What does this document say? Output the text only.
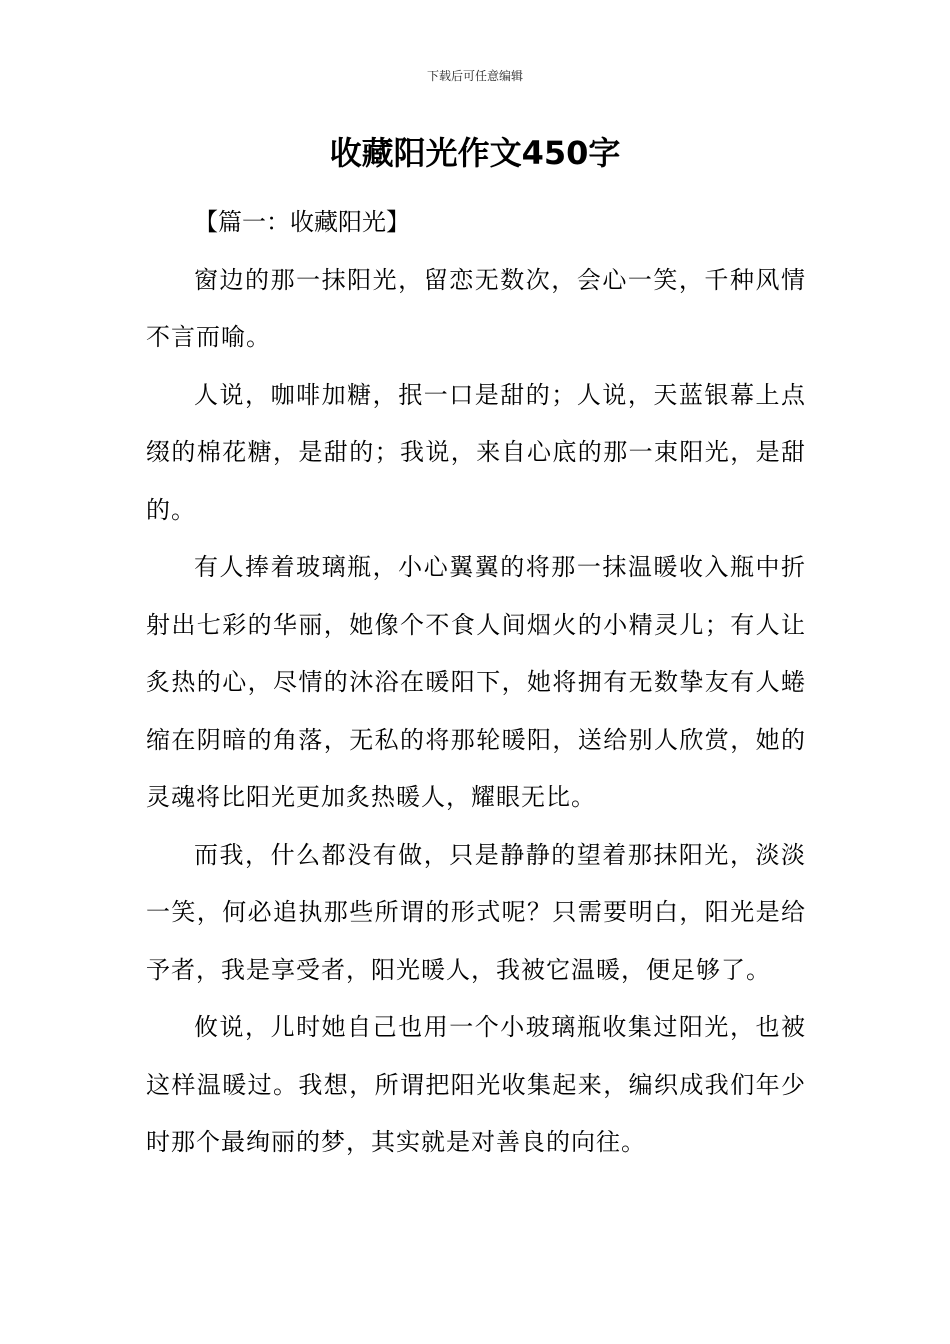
下载后可任意编辑
收藏阳光作文450字

【篇一：收藏阳光】

窗边的那一抹阳光，留恋无数次，会心一笑，千种风情不言而喻。

人说，咖啡加糖，抿一口是甜的；人说，天蓝银幕上点缀的棉花糖，是甜的；我说，来自心底的那一束阳光，是甜的。

有人捧着玻璃瓶，小心翼翼的将那一抹温暖收入瓶中折射出七彩的华丽，她像个不食人间烟火的小精灵儿；有人让炙热的心，尽情的沐浴在暖阳下，她将拥有无数挚友有人蜷缩在阴暗的角落，无私的将那轮暖阳，送给别人欣赏，她的灵魂将比阳光更加炙热暖人，耀眼无比。

而我，什么都没有做，只是静静的望着那抹阳光，淡淡一笑，何必追执那些所谓的形式呢？只需要明白，阳光是给予者，我是享受者，阳光暖人，我被它温暖，便足够了。

攸说，儿时她自己也用一个小玻璃瓶收集过阳光，也被这样温暖过。我想，所谓把阳光收集起来，编织成我们年少时那个最绚丽的梦，其实就是对善良的向往。
